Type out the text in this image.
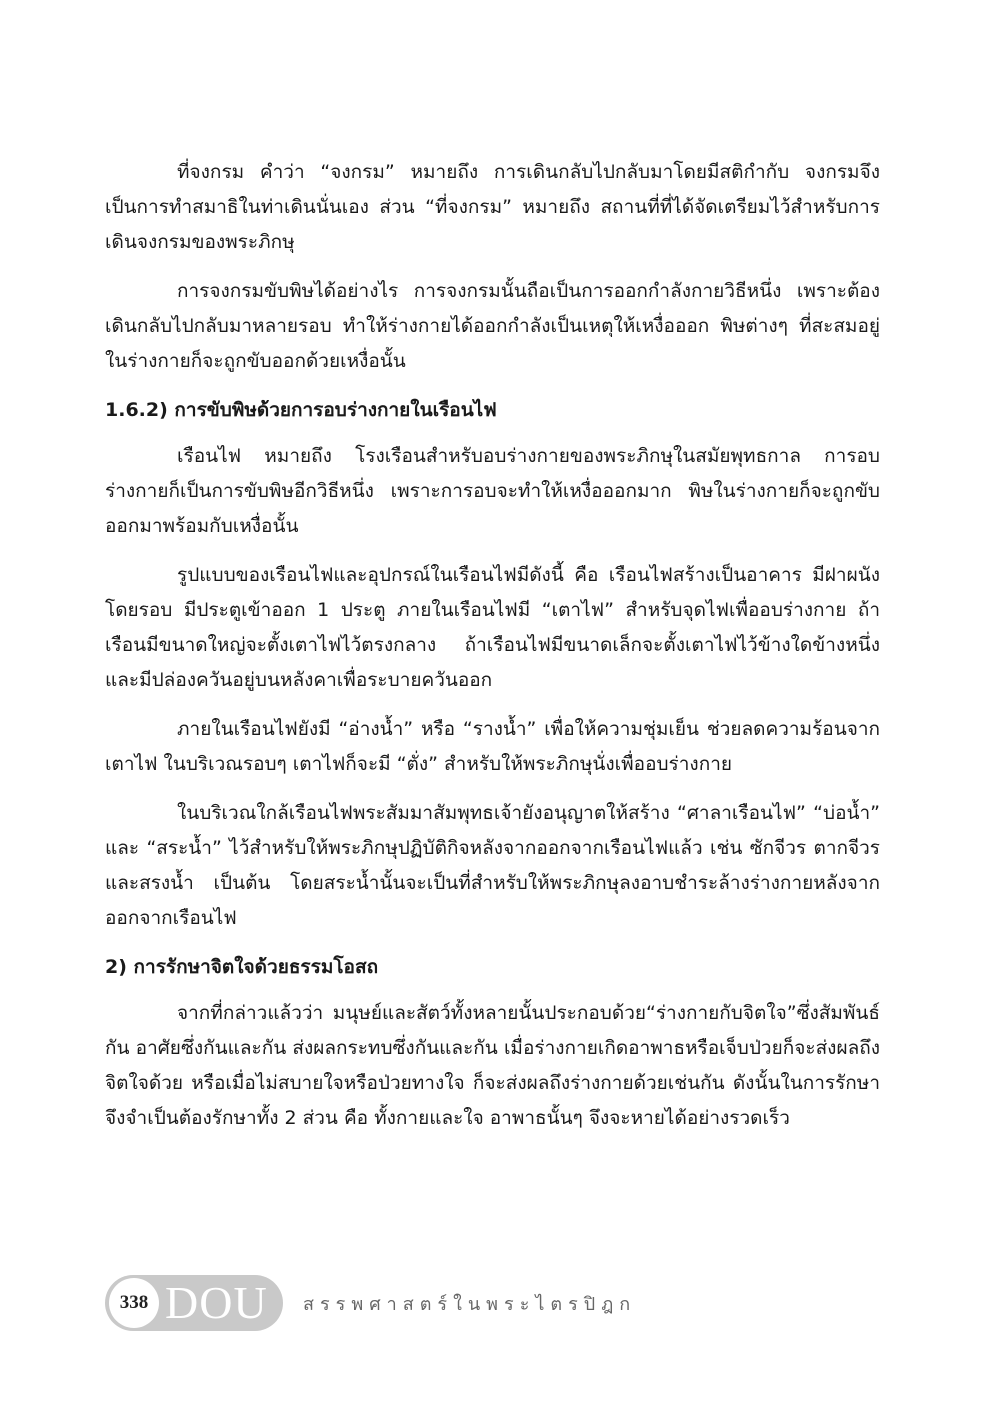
ที่จงกรม คำว่า “จงกรม” หมายถึง การเดินกลับไปกลับมาโดยมีสติกำกับ จงกรมจึงเป็นการทำสมาธิในท่าเดินนั่นเอง ส่วน “ที่จงกรม” หมายถึง สถานที่ที่ได้จัดเตรียมไว้สำหรับการเดินจงกรมของพระภิกษุ

การจงกรมขับพิษได้อย่างไร การจงกรมนั้นถือเป็นการออกกำลังกายวิธีหนึ่ง เพราะต้องเดินกลับไปกลับมาหลายรอบ ทำให้ร่างกายได้ออกกำลังเป็นเหตุให้เหงื่อออก พิษต่างๆ ที่สะสมอยู่ในร่างกายก็จะถูกขับออกด้วยเหงื่อนั้น

1.6.2) การขับพิษด้วยการอบร่างกายในเรือนไฟ

เรือนไฟ หมายถึง โรงเรือนสำหรับอบร่างกายของพระภิกษุในสมัยพุทธกาล การอบร่างกายก็เป็นการขับพิษอีกวิธีหนึ่ง เพราะการอบจะทำให้เหงื่อออกมาก พิษในร่างกายก็จะถูกขับออกมาพร้อมกับเหงื่อนั้น

รูปแบบของเรือนไฟและอุปกรณ์ในเรือนไฟมีดังนี้ คือ เรือนไฟสร้างเป็นอาคาร มีฝาผนังโดยรอบ มีประตูเข้าออก 1 ประตู ภายในเรือนไฟมี “เตาไฟ” สำหรับจุดไฟเพื่ออบร่างกาย ถ้าเรือนมีขนาดใหญ่จะตั้งเตาไฟไว้ตรงกลาง ถ้าเรือนไฟมีขนาดเล็กจะตั้งเตาไฟไว้ข้างใดข้างหนึ่งและมีปล่องควันอยู่บนหลังคาเพื่อระบายควันออก

ภายในเรือนไฟยังมี “อ่างน้ำ” หรือ “รางน้ำ” เพื่อให้ความชุ่มเย็น ช่วยลดความร้อนจากเตาไฟ ในบริเวณรอบๆ เตาไฟก็จะมี “ตั่ง” สำหรับให้พระภิกษุนั่งเพื่ออบร่างกาย

ในบริเวณใกล้เรือนไฟพระสัมมาสัมพุทธเจ้ายังอนุญาตให้สร้าง “ศาลาเรือนไฟ” “บ่อน้ำ” และ “สระน้ำ” ไว้สำหรับให้พระภิกษุปฏิบัติกิจหลังจากออกจากเรือนไฟแล้ว เช่น ซักจีวร ตากจีวรและสรงน้ำ เป็นต้น โดยสระน้ำนั้นจะเป็นที่สำหรับให้พระภิกษุลงอาบชำระล้างร่างกายหลังจากออกจากเรือนไฟ

2) การรักษาจิตใจด้วยธรรมโอสถ

จากที่กล่าวแล้วว่า มนุษย์และสัตว์ทั้งหลายนั้นประกอบด้วย“ร่างกายกับจิตใจ”ซึ่งสัมพันธ์กัน อาศัยซึ่งกันและกัน ส่งผลกระทบซึ่งกันและกัน เมื่อร่างกายเกิดอาพาธหรือเจ็บป่วยก็จะส่งผลถึงจิตใจด้วย หรือเมื่อไม่สบายใจหรือป่วยทางใจ ก็จะส่งผลถึงร่างกายด้วยเช่นกัน ดังนั้นในการรักษาจึงจำเป็นต้องรักษาทั้ง 2 ส่วน คือ ทั้งกายและใจ อาพาธนั้นๆ จึงจะหายได้อย่างรวดเร็ว

338 DOU สรรพศาสตร์ในพระไตรปิฎก
